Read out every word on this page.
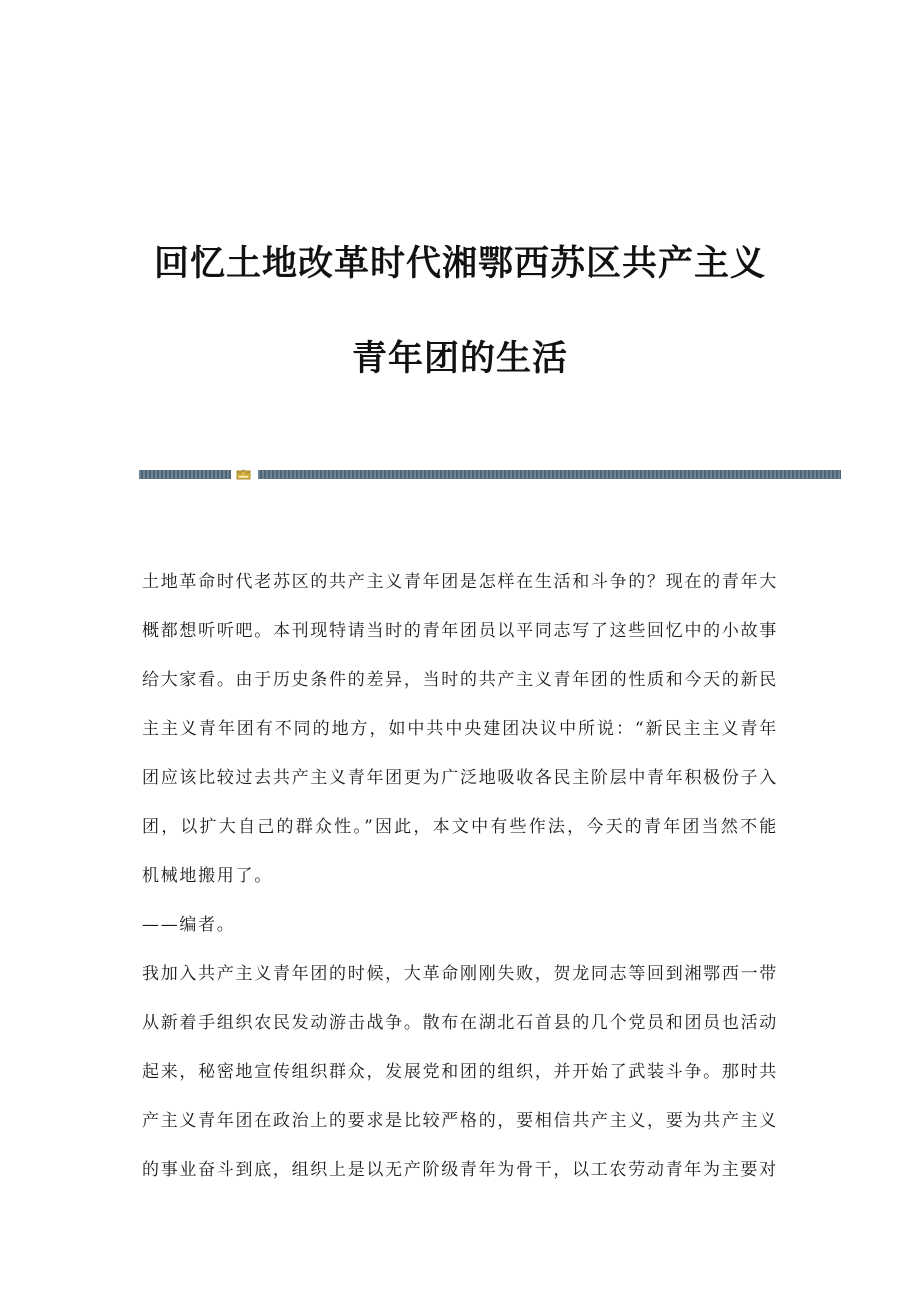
回忆土地改革时代湘鄂西苏区共产主义
青年团的生活

土地革命时代老苏区的共产主义青年团是怎样在生活和斗争的？现在的青年大概都想听听吧。本刊现特请当时的青年团员以平同志写了这些回忆中的小故事给大家看。由于历史条件的差异，当时的共产主义青年团的性质和今天的新民主主义青年团有不同的地方，如中共中央建团决议中所说：“新民主主义青年团应该比较过去共产主义青年团更为广泛地吸收各民主阶层中青年积极份子入团，以扩大自己的群众性。”因此，本文中有些作法，今天的青年团当然不能机械地搬用了。

——编者。

我加入共产主义青年团的时候，大革命刚刚失败，贺龙同志等回到湘鄂西一带从新着手组织农民发动游击战争。散布在湖北石首县的几个党员和团员也活动起来，秘密地宣传组织群众，发展党和团的组织，并开始了武装斗争。那时共产主义青年团在政治上的要求是比较严格的，要相信共产主义，要为共产主义的事业奋斗到底，组织上是以无产阶级青年为骨干，以工农劳动青年为主要对
